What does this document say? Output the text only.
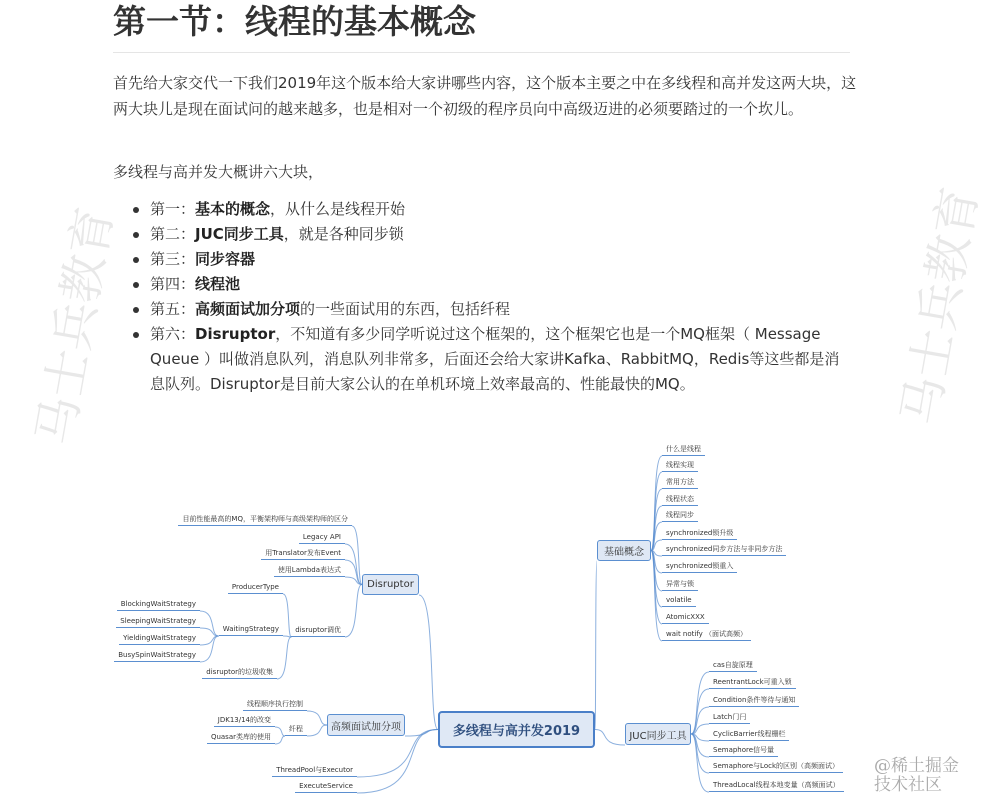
第一节：线程的基本概念
首先给大家交代一下我们2019年这个版本给大家讲哪些内容，这个版本主要之中在多线程和高并发这两大块，这两大块儿是现在面试问的越来越多，也是相对一个初级的程序员向中高级迈进的必须要踏过的一个坎儿。
多线程与高并发大概讲六大块，
第一：基本的概念，从什么是线程开始
第二：JUC同步工具，就是各种同步锁
第三：同步容器
第四：线程池
第五：高频面试加分项的一些面试用的东西，包括纤程
第六：Disruptor，不知道有多少同学听说过这个框架的，这个框架它也是一个MQ框架（ Message Queue ）叫做消息队列，消息队列非常多，后面还会给大家讲Kafka、RabbitMQ，Redis等这些都是消息队列。Disruptor是目前大家公认的在单机环境上效率最高的、性能最快的MQ。
多线程与高并发2019
Disruptor
目前性能最高的MQ，平衡架构师与高级架构师的区分
Legacy API
用Translator发布Event
使用Lambda表达式
disruptor调优
ProducerType
WaitingStrategy
disruptor的垃圾收集
BlockingWaitStrategy
SleepingWaitStrategy
YieldingWaitStrategy
BusySpinWaitStrategy
高频面试加分项
线程顺序执行控制
纤程
JDK13/14的改变
Quasar类库的使用
ThreadPool与Executor
ExecuteService
基础概念
什么是线程
线程实现
常用方法
线程状态
线程同步
synchronized锁升级
synchronized同步方法与非同步方法
synchronized锁重入
异常与锁
volatile
AtomicXXX
wait notify （面试高频）
JUC同步工具
cas自旋原理
ReentrantLock可重入锁
Condition条件等待与通知
Latch门闩
CyclicBarrier线程栅栏
Semaphore信号量
Semaphore与Lock的区别（高频面试）
ThreadLocal线程本地变量（高频面试）
马士兵教育	马士兵教育
@稀土掘金技术社区
